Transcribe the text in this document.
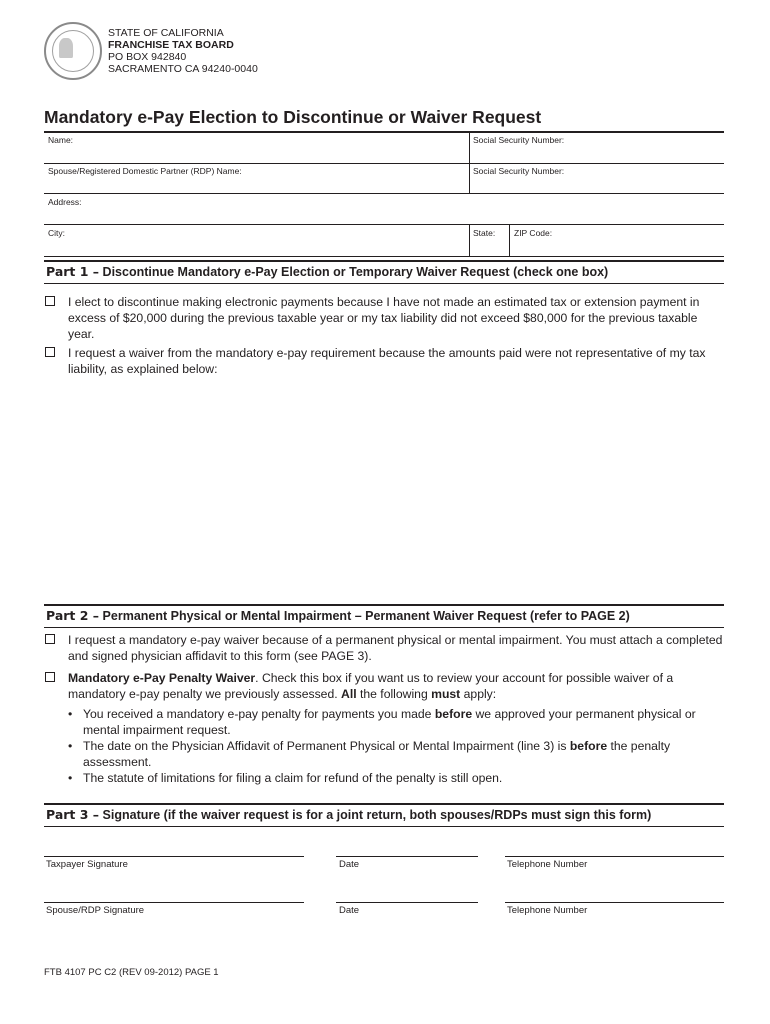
STATE OF CALIFORNIA
FRANCHISE TAX BOARD
PO BOX 942840
SACRAMENTO CA 94240-0040
Mandatory e-Pay Election to Discontinue or Waiver Request
Name:	Social Security Number:
Spouse/Registered Domestic Partner (RDP) Name:	Social Security Number:
Address:
City:	State: ZIP Code:
Part 1 – Discontinue Mandatory e-Pay Election or Temporary Waiver Request (check one box)
I elect to discontinue making electronic payments because I have not made an estimated tax or extension payment in excess of $20,000 during the previous taxable year or my tax liability did not exceed $80,000 for the previous taxable year.
I request a waiver from the mandatory e-pay requirement because the amounts paid were not representative of my tax liability, as explained below:
Part 2 – Permanent Physical or Mental Impairment – Permanent Waiver Request (refer to PAGE 2)
I request a mandatory e-pay waiver because of a permanent physical or mental impairment. You must attach a completed and signed physician affidavit to this form (see PAGE 3).
Mandatory e-Pay Penalty Waiver. Check this box if you want us to review your account for possible waiver of a mandatory e-pay penalty we previously assessed. All the following must apply:
• You received a mandatory e-pay penalty for payments you made before we approved your permanent physical or mental impairment request.
• The date on the Physician Affidavit of Permanent Physical or Mental Impairment (line 3) is before the penalty assessment.
• The statute of limitations for filing a claim for refund of the penalty is still open.
Part 3 – Signature (if the waiver request is for a joint return, both spouses/RDPs must sign this form)
Taxpayer Signature	Date	Telephone Number
Spouse/RDP Signature	Date	Telephone Number
FTB 4107 PC C2 (REV 09-2012) PAGE 1
